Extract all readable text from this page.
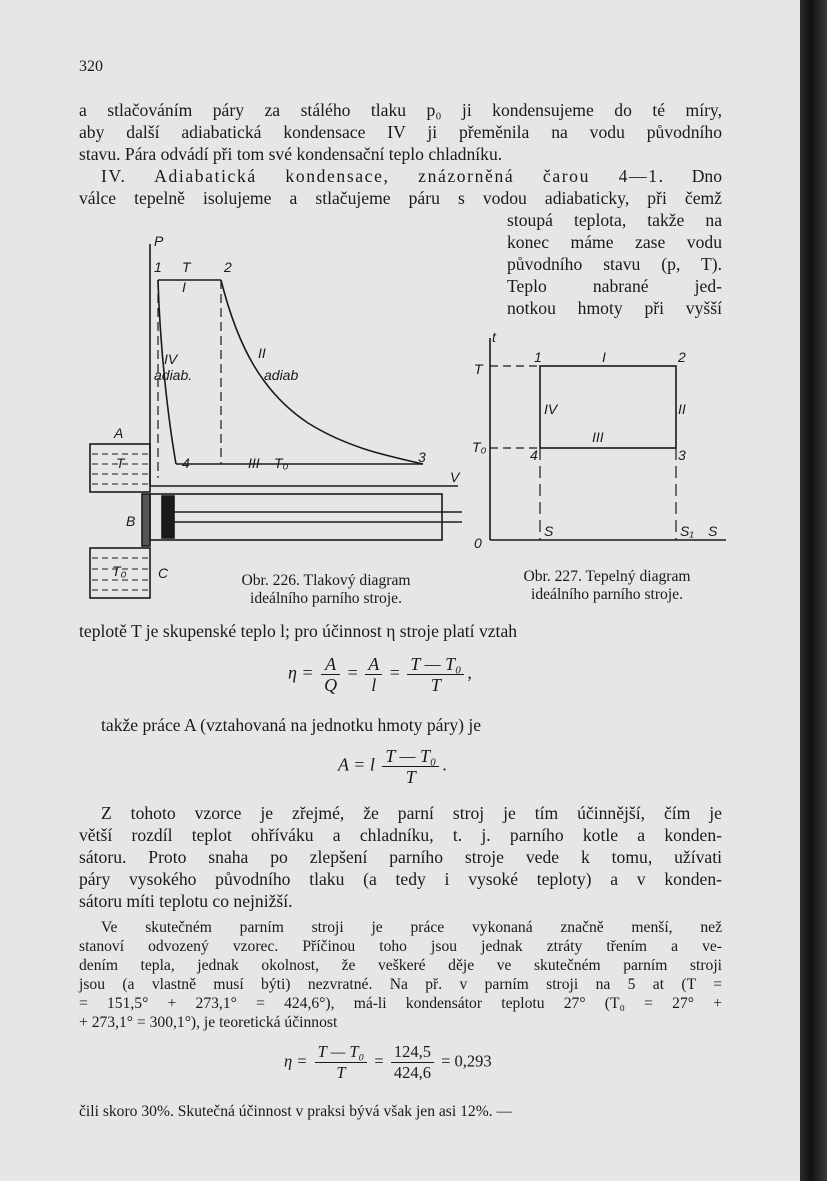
320
a stlačováním páry za stálého tlaku p₀ ji kondensujeme do té míry,
aby další adiabatická kondensace IV ji přeměnila na vodu původního
stavu. Pára odvádí při tom své kondensační teplo chladníku.
IV. Adiabatická kondensace, znázorněná čarou 4—1. Dno
válce tepelně isolujeme a stlačujeme páru s vodou adiabaticky, při čemž
stoupá teplota, takže na
konec máme zase vodu
původního stavu (p, T).
Teplo nabrané jed-
notkou hmoty při vyšší
P
1 T 2
I
II
adiab
IV
adiab.
4	III T₀	3
V
A
T
B
C
T₀
t
T
T₀
1	I	2
IV	II
III
4	3
0
S	S₁ S
Obr. 226. Tlakový diagram
ideálního parního stroje.
Obr. 227. Tepelný diagram
ideálního parního stroje.
teplotě T je skupenské teplo l; pro účinnost η stroje platí vztah
$\eta = \frac{A}{Q} = \frac{A}{l} = \frac{\text{T — T₀}}{T}$ ,
takže práce A (vztahovaná na jednotku hmoty páry) je
A = l $\frac{\text{T — T₀}}{T}$ .
Z tohoto vzorce je zřejmé, že parní stroj je tím účinnější, čím je
větší rozdíl teplot ohříváku a chladníku, t. j. parního kotle a konden-
sátoru. Proto snaha po zlepšení parního stroje vede k tomu, užívati
páry vysokého původního tlaku (a tedy i vysoké teploty) a v konden-
sátoru míti teplotu co nejnižší.
Ve skutečném parním stroji je práce vykonaná značně menší, než
stanoví odvozený vzorec. Příčinou toho jsou jednak ztráty třením a ve-
dením tepla, jednak okolnost, že veškeré děje ve skutečném parním stroji
jsou (a vlastně musí býti) nezvratné. Na př. v parním stroji na 5 at (T =
= 151,5° + 273,1° = 424,6°), má-li kondensátor teplotu 27° (T₀ = 27° +
+ 273,1° = 300,1°), je teoretická účinnost
$\eta = \frac{\text{T — T₀}}{T} = \frac{124,5}{424,6} = 0,293$
čili skoro 30%. Skutečná účinnost v praksi bývá však jen asi 12%. —
